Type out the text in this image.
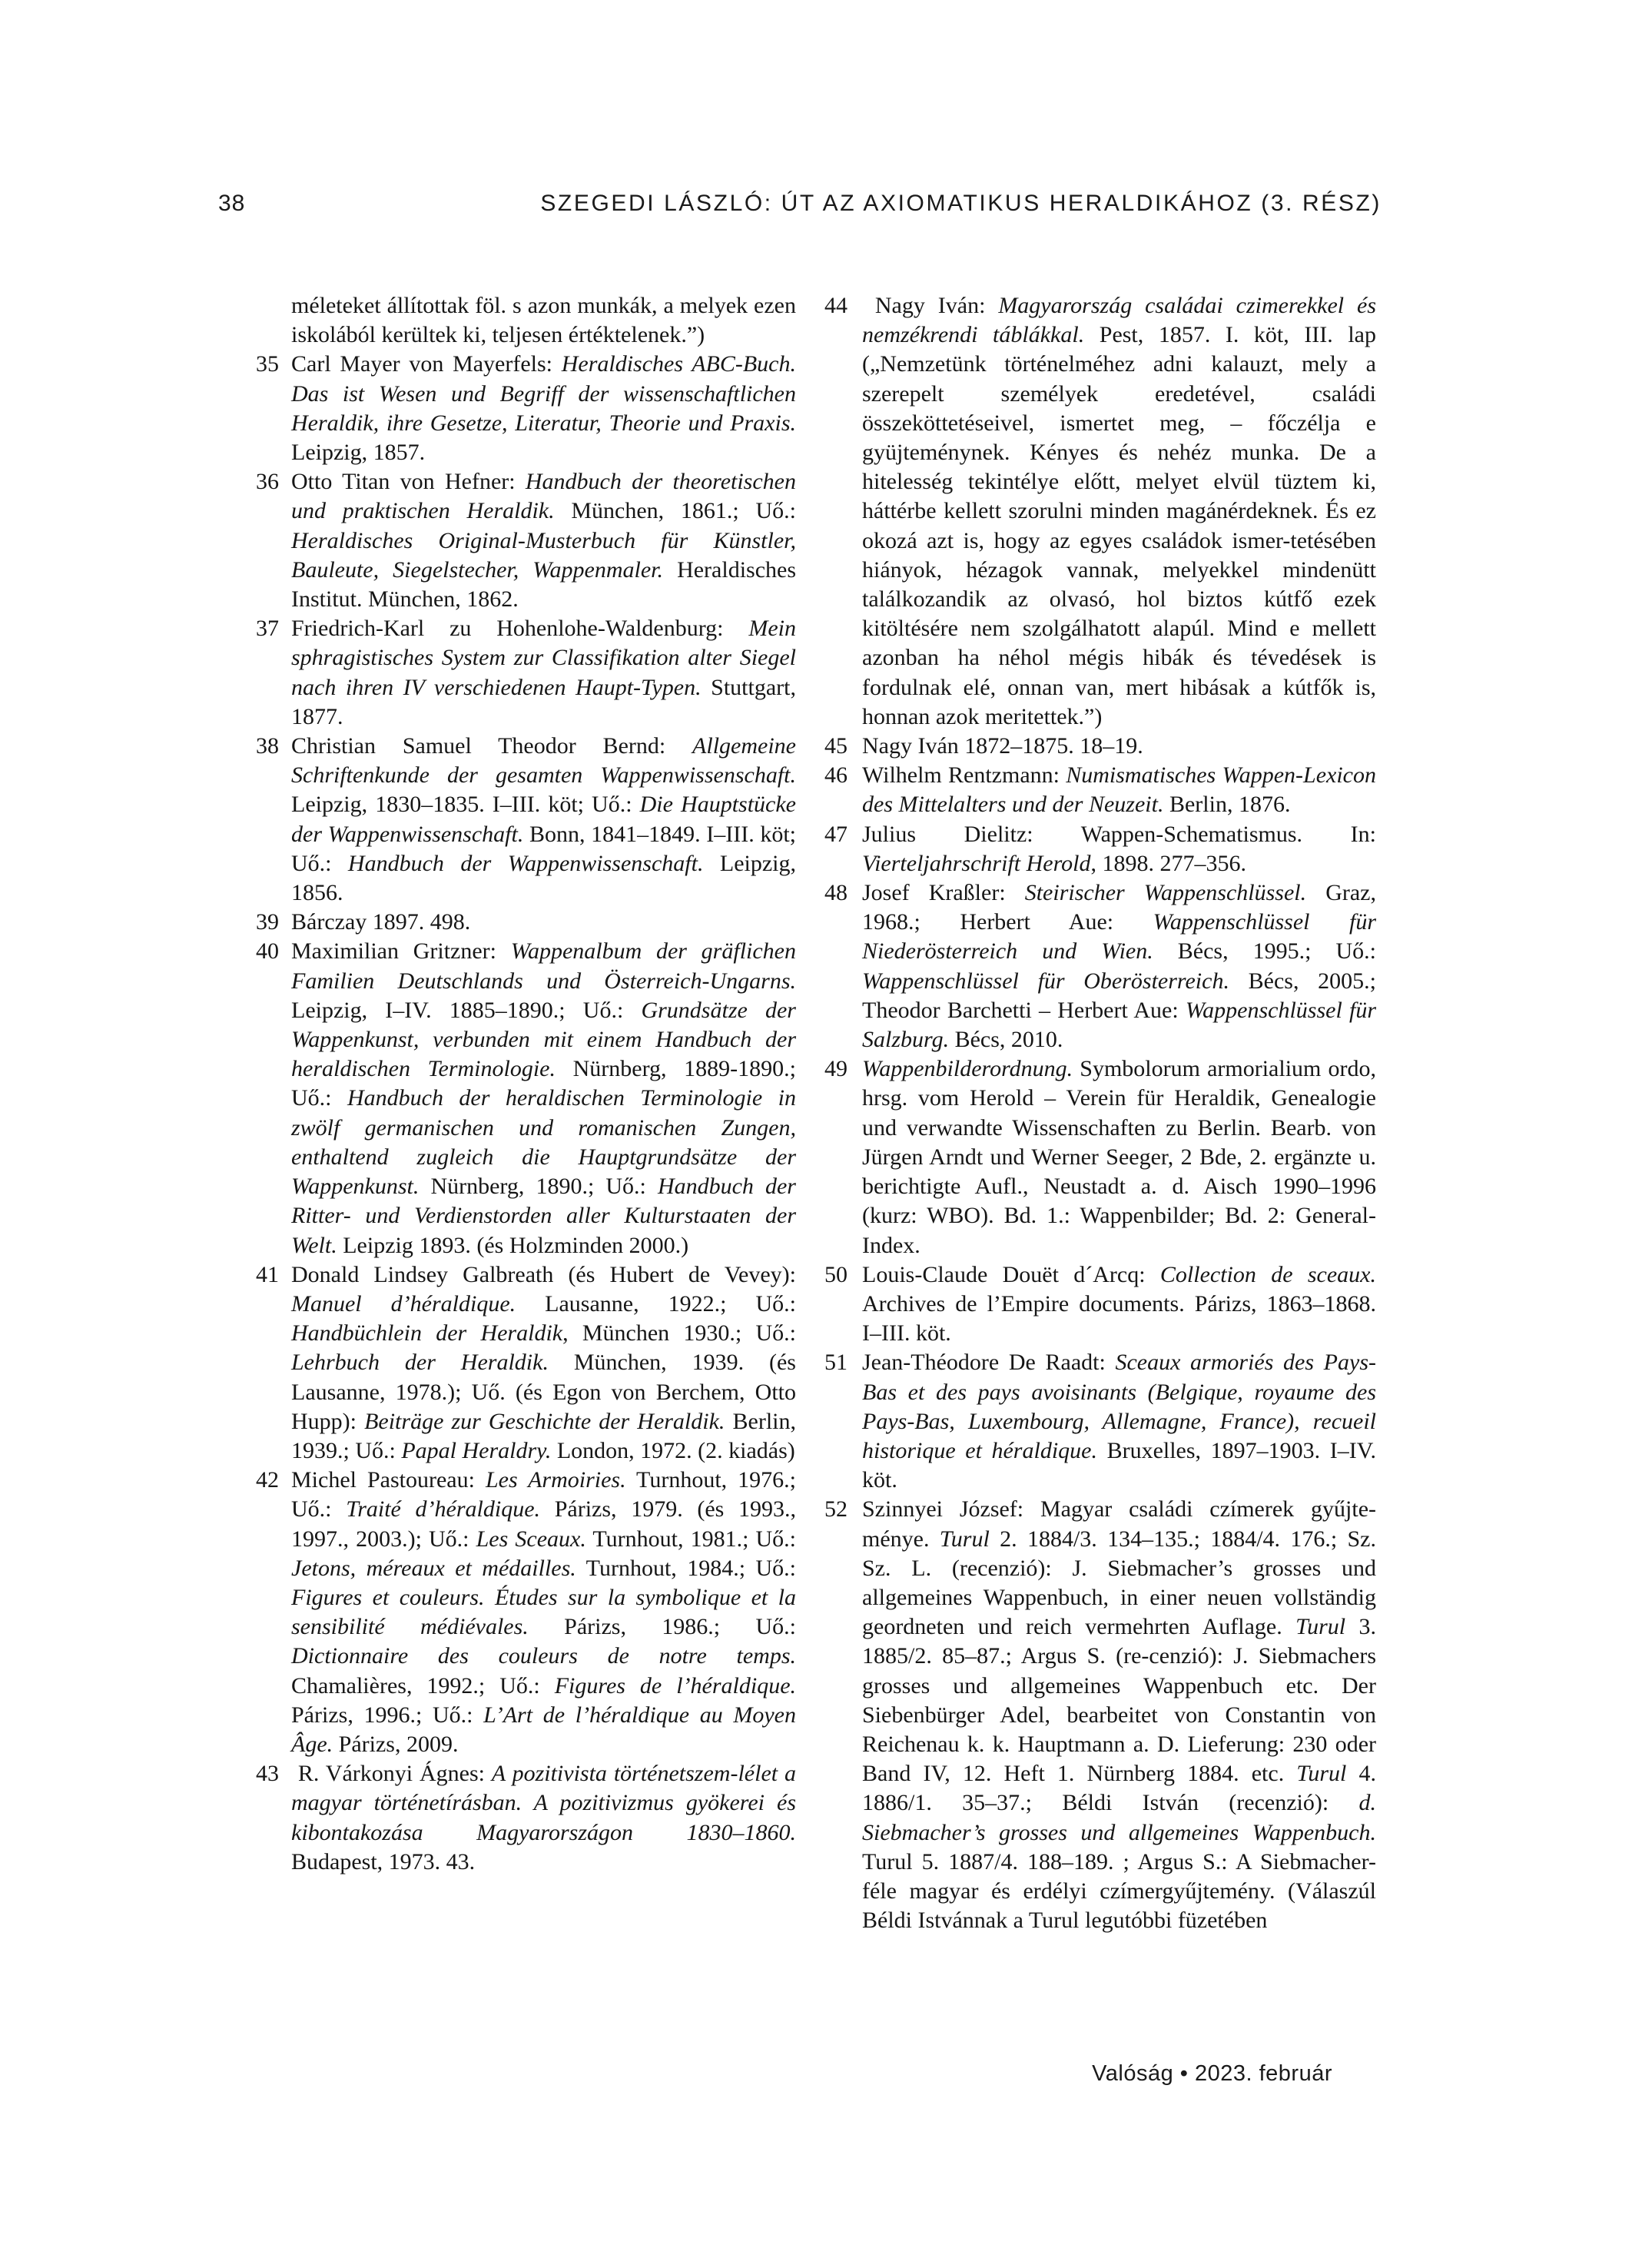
38	SZEGEDI LÁSZLÓ: ÚT AZ AXIOMATIKUS HERALDIKÁHOZ (3. RÉSZ)
méleteket állítottak föl. s azon munkák, a melyek ezen iskolából kerültek ki, teljesen értéktelenek.”)
35 Carl Mayer von Mayerfels: Heraldisches ABC-Buch. Das ist Wesen und Begriff der wissenschaftlichen Heraldik, ihre Gesetze, Literatur, Theorie und Praxis. Leipzig, 1857.
36 Otto Titan von Hefner: Handbuch der theoretischen und praktischen Heraldik. München, 1861.; Uő.: Heraldisches Original-Musterbuch für Künstler, Bauleute, Siegelstecher, Wappenmaler. Heraldisches Institut. München, 1862.
37 Friedrich-Karl zu Hohenlohe-Waldenburg: Mein sphragistisches System zur Classifikation alter Siegel nach ihren IV verschiedenen Haupt-Typen. Stuttgart, 1877.
38 Christian Samuel Theodor Bernd: Allgemeine Schriftenkunde der gesamten Wappenwissenschaft. Leipzig, 1830–1835. I–III. köt; Uő.: Die Hauptstücke der Wappenwissenschaft. Bonn, 1841–1849. I–III. köt; Uő.: Handbuch der Wappenwissenschaft. Leipzig, 1856.
39 Bárczay 1897. 498.
40 Maximilian Gritzner: Wappenalbum der gräflichen Familien Deutschlands und Österreich-Ungarns. Leipzig, I–IV. 1885–1890.; Uő.: Grundsätze der Wappenkunst, verbunden mit einem Handbuch der heraldischen Terminologie. Nürnberg, 1889-1890.; Uő.: Handbuch der heraldischen Terminologie in zwölf germanischen und romanischen Zungen, enthaltend zugleich die Hauptgrundsätze der Wappenkunst. Nürnberg, 1890.; Uő.: Handbuch der Ritter- und Verdienstorden aller Kulturstaaten der Welt. Leipzig 1893. (és Holzminden 2000.)
41 Donald Lindsey Galbreath (és Hubert de Vevey): Manuel d’héraldique. Lausanne, 1922.; Uő.: Handbüchlein der Heraldik, München 1930.; Uő.: Lehrbuch der Heraldik. München, 1939. (és Lausanne, 1978.); Uő. (és Egon von Berchem, Otto Hupp): Beiträge zur Geschichte der Heraldik. Berlin, 1939.; Uő.: Papal Heraldry. London, 1972. (2. kiadás)
42 Michel Pastoureau: Les Armoiries. Turnhout, 1976.; Uő.: Traité d’héraldique. Párizs, 1979. (és 1993., 1997., 2003.); Uő.: Les Sceaux. Turnhout, 1981.; Uő.: Jetons, méreaux et médailles. Turnhout, 1984.; Uő.: Figures et couleurs. Études sur la symbolique et la sensibilité médiévales. Párizs, 1986.; Uő.: Dictionnaire des couleurs de notre temps. Chamalières, 1992.; Uő.: Figures de l’héraldique. Párizs, 1996.; Uő.: L’Art de l’héraldique au Moyen Âge. Párizs, 2009.
43 R. Várkonyi Ágnes: A pozitivista történetszem-lélet a magyar történetírásban. A pozitivizmus gyökerei és kibontakozása Magyarországon 1830–1860. Budapest, 1973. 43.
44 Nagy Iván: Magyarország családai czimerekkel és nemzékrendi táblákkal. Pest, 1857. I. köt, III. lap („Nemzetünk történelméhez adni kalauzt, mely a szerepelt személyek eredetével, családi összeköttetéseivel, ismertet meg, – főczélja e gyüjteménynek. Kényes és nehéz munka. De a hitelesség tekintélye előtt, melyet elvül tüztem ki, háttérbe kellett szorulni minden magánérdeknek. És ez okozá azt is, hogy az egyes családok ismer-tetésében hiányok, hézagok vannak, melyekkel mindenütt találkozandik az olvasó, hol biztos kútfő ezek kitöltésére nem szolgálhatott alapúl. Mind e mellett azonban ha néhol mégis hibák és tévedések is fordulnak elé, onnan van, mert hibásak a kútfők is, honnan azok meritettek.”)
45 Nagy Iván 1872–1875. 18–19.
46 Wilhelm Rentzmann: Numismatisches Wappen-Lexicon des Mittelalters und der Neuzeit. Berlin, 1876.
47 Julius Dielitz: Wappen-Schematismus. In: Vierteljahrschrift Herold, 1898. 277–356.
48 Josef Kraßler: Steirischer Wappenschlüssel. Graz, 1968.; Herbert Aue: Wappenschlüssel für Niederösterreich und Wien. Bécs, 1995.; Uő.: Wappenschlüssel für Oberösterreich. Bécs, 2005.; Theodor Barchetti – Herbert Aue: Wappenschlüssel für Salzburg. Bécs, 2010.
49 Wappenbilderordnung. Symbolorum armorialium ordo, hrsg. vom Herold – Verein für Heraldik, Genealogie und verwandte Wissenschaften zu Berlin. Bearb. von Jürgen Arndt und Werner Seeger, 2 Bde, 2. ergänzte u. berichtigte Aufl., Neustadt a. d. Aisch 1990–1996 (kurz: WBO). Bd. 1.: Wappenbilder; Bd. 2: General-Index.
50 Louis-Claude Douët d´Arcq: Collection de sceaux. Archives de l’Empire documents. Párizs, 1863–1868. I–III. köt.
51 Jean-Théodore De Raadt: Sceaux armoriés des Pays-Bas et des pays avoisinants (Belgique, royaume des Pays-Bas, Luxembourg, Allemagne, France), recueil historique et héraldique. Bruxelles, 1897–1903. I–IV. köt.
52 Szinnyei József: Magyar családi czímerek gyűjte-ménye. Turul 2. 1884/3. 134–135.; 1884/4. 176.; Sz. Sz. L. (recenzió): J. Siebmacher’s grosses und allgemeines Wappenbuch, in einer neuen vollständig geordneten und reich vermehrten Auflage. Turul 3. 1885/2. 85–87.; Argus S. (re-cenzió): J. Siebmachers grosses und allgemeines Wappenbuch etc. Der Siebenbürger Adel, bearbeitet von Constantin von Reichenau k. k. Hauptmann a. D. Lieferung: 230 oder Band IV, 12. Heft 1. Nürnberg 1884. etc. Turul 4. 1886/1. 35–37.; Béldi István (recenzió): d. Siebmacher’s grosses und allgemeines Wappenbuch. Turul 5. 1887/4. 188–189. ; Argus S.: A Siebmacher-féle magyar és erdélyi czímergyűjtemény. (Válaszúl Béldi Istvánnak a Turul legutóbbi füzetében
Valóság • 2023. február
